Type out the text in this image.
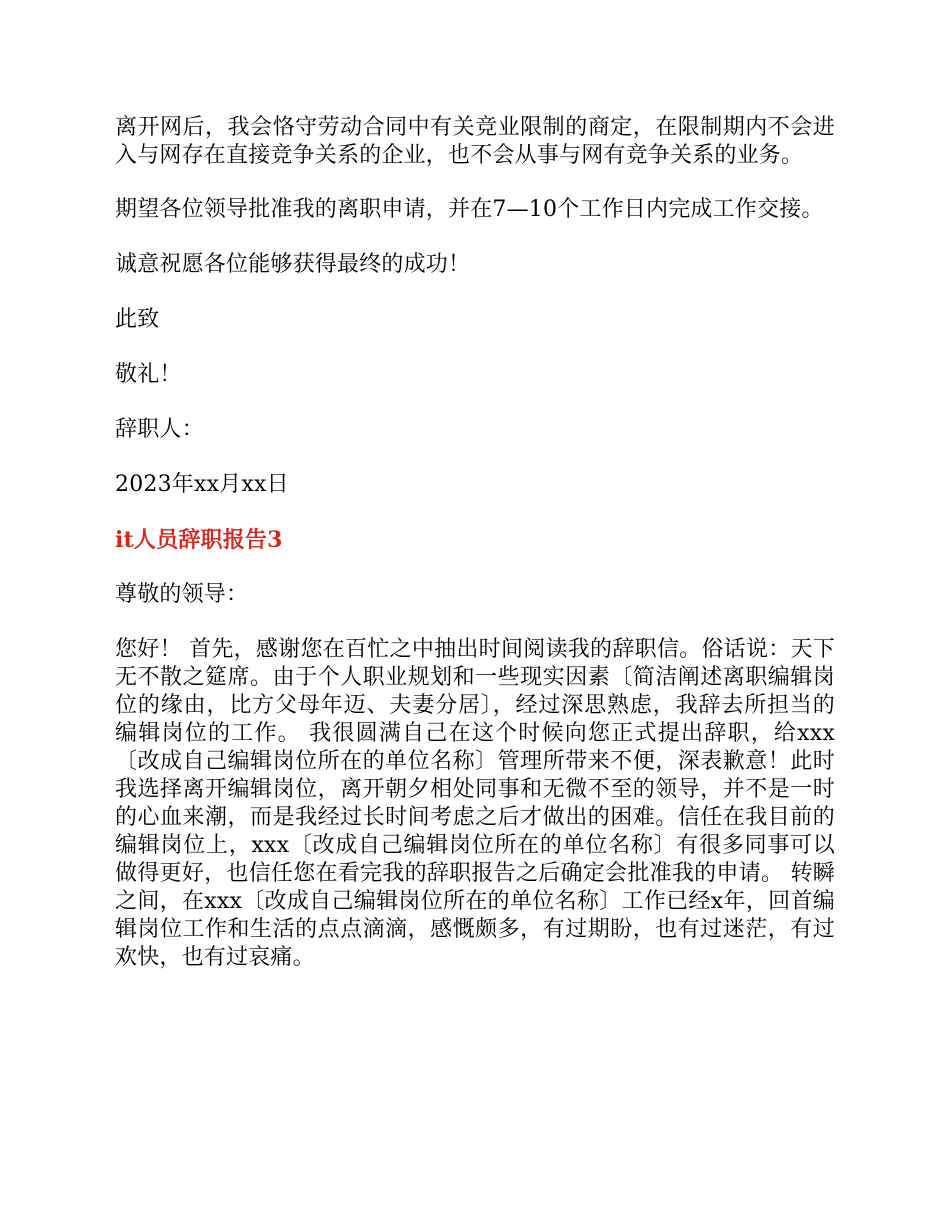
离开网后，我会恪守劳动合同中有关竞业限制的商定，在限制期内不会进入与网存在直接竞争关系的企业，也不会从事与网有竞争关系的业务。

期望各位领导批准我的离职申请，并在7—10个工作日内完成工作交接。

诚意祝愿各位能够获得最终的成功！

此致

敬礼！

辞职人：

2023年xx月xx日

it人员辞职报告3

尊敬的领导：

您好！ 首先，感谢您在百忙之中抽出时间阅读我的辞职信。俗话说：天下无不散之筵席。由于个人职业规划和一些现实因素〔简洁阐述离职编辑岗位的缘由，比方父母年迈、夫妻分居〕，经过深思熟虑，我辞去所担当的编辑岗位的工作。 我很圆满自己在这个时候向您正式提出辞职，给xxx〔改成自己编辑岗位所在的单位名称〕管理所带来不便，深表歉意！此时我选择离开编辑岗位，离开朝夕相处同事和无微不至的领导，并不是一时的心血来潮，而是我经过长时间考虑之后才做出的困难。信任在我目前的编辑岗位上，xxx〔改成自己编辑岗位所在的单位名称〕有很多同事可以做得更好，也信任您在看完我的辞职报告之后确定会批准我的申请。 转瞬之间，在xxx〔改成自己编辑岗位所在的单位名称〕工作已经x年，回首编辑岗位工作和生活的点点滴滴，感慨颇多，有过期盼，也有过迷茫，有过欢快，也有过哀痛。
